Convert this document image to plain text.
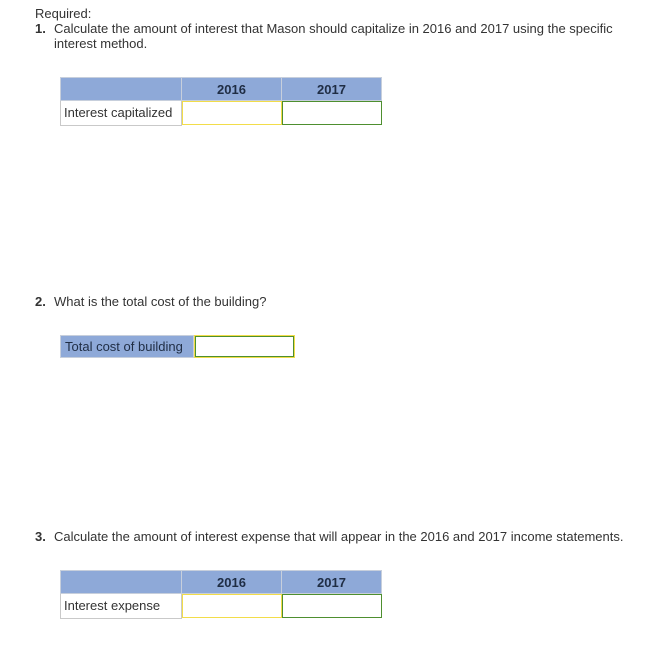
Required:
1. Calculate the amount of interest that Mason should capitalize in 2016 and 2017 using the specific interest method.
	2016	2017
Interest capitalized	

2. What is the total cost of the building?
Total cost of building
3. Calculate the amount of interest expense that will appear in the 2016 and 2017 income statements.
	2016	2017
Interest expense	
